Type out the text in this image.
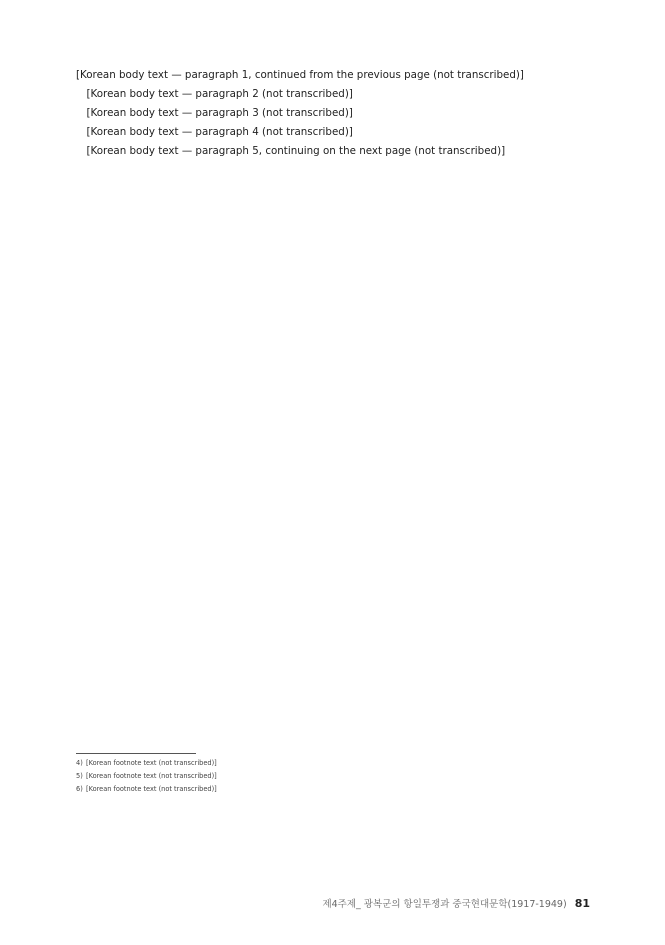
[Korean body text — paragraph 1, continued from the previous page (not transcribed)]

[Korean body text — paragraph 2 (not transcribed)]

[Korean body text — paragraph 3 (not transcribed)]

[Korean body text — paragraph 4 (not transcribed)]

[Korean body text — paragraph 5, continuing on the next page (not transcribed)]

4) [Korean footnote text (not transcribed)]

5) [Korean footnote text (not transcribed)]

6) [Korean footnote text (not transcribed)]

제4주제_ 광복군의 항일투쟁과 중국현대문학(1917-1949) 81
